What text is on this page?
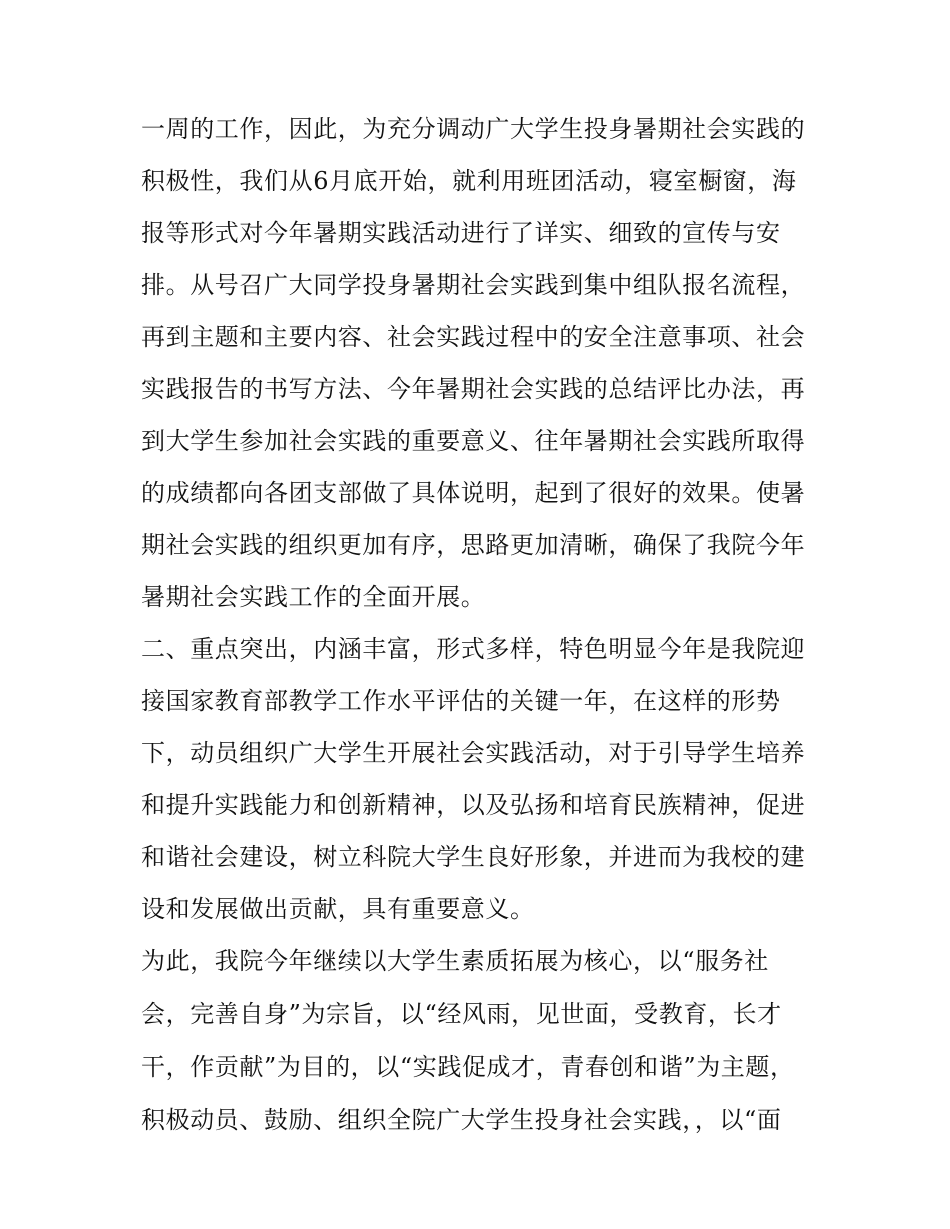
一周的工作，因此，为充分调动广大学生投身暑期社会实践的
积极性，我们从6月底开始，就利用班团活动，寝室橱窗，海
报等形式对今年暑期实践活动进行了详实、细致的宣传与安
排。从号召广大同学投身暑期社会实践到集中组队报名流程，
再到主题和主要内容、社会实践过程中的安全注意事项、社会
实践报告的书写方法、今年暑期社会实践的总结评比办法，再
到大学生参加社会实践的重要意义、往年暑期社会实践所取得
的成绩都向各团支部做了具体说明，起到了很好的效果。使暑
期社会实践的组织更加有序，思路更加清晰，确保了我院今年
暑期社会实践工作的全面开展。
二、重点突出，内涵丰富，形式多样，特色明显今年是我院迎
接国家教育部教学工作水平评估的关键一年，在这样的形势
下，动员组织广大学生开展社会实践活动，对于引导学生培养
和提升实践能力和创新精神，以及弘扬和培育民族精神，促进
和谐社会建设，树立科院大学生良好形象，并进而为我校的建
设和发展做出贡献，具有重要意义。
为此，我院今年继续以大学生素质拓展为核心，以“服务社
会，完善自身”为宗旨，以“经风雨，见世面，受教育，长才
干，作贡献”为目的，以“实践促成才，青春创和谐”为主题，
积极动员、鼓励、组织全院广大学生投身社会实践，，以“面
